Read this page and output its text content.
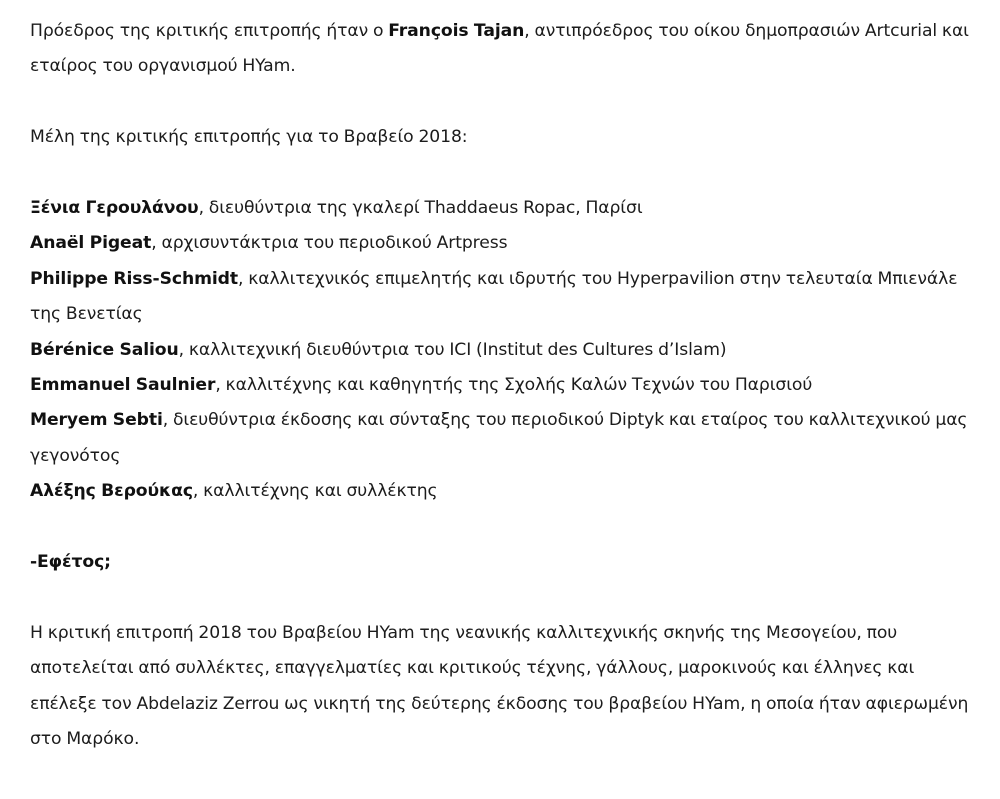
Πρόεδρος της κριτικής επιτροπής ήταν ο François Tajan, αντιπρόεδρος του οίκου δημοπρασιών Artcurial και εταίρος του οργανισμού HYam.

Μέλη της κριτικής επιτροπής για το Βραβείο 2018:

Ξένια Γερουλάνου, διευθύντρια της γκαλερί Thaddaeus Ropac, Παρίσι

Anaël Pigeat, αρχισυντάκτρια του περιοδικού Artpress

Philippe Riss-Schmidt, καλλιτεχνικός επιμελητής και ιδρυτής του Hyperpavilion στην τελευταία Μπιενάλε της Βενετίας

Bérénice Saliou, καλλιτεχνική διευθύντρια του ICI (Institut des Cultures d’Islam)

Emmanuel Saulnier, καλλιτέχνης και καθηγητής της Σχολής Καλών Τεχνών του Παρισιού

Meryem Sebti, διευθύντρια έκδοσης και σύνταξης του περιοδικού Diptyk και εταίρος του καλλιτεχνικού μας γεγονότος

Αλέξης Βερούκας, καλλιτέχνης και συλλέκτης

-Εφέτος;

Η κριτική επιτροπή 2018 του Βραβείου HYam της νεανικής καλλιτεχνικής σκηνής της Μεσογείου, που αποτελείται από συλλέκτες, επαγγελματίες και κριτικούς τέχνης, γάλλους, μαροκινούς και έλληνες και επέλεξε τον Abdelaziz Zerrou ως νικητή της δεύτερης έκδοσης του βραβείου HYam, η οποία ήταν αφιερωμένη στο Μαρόκο.
